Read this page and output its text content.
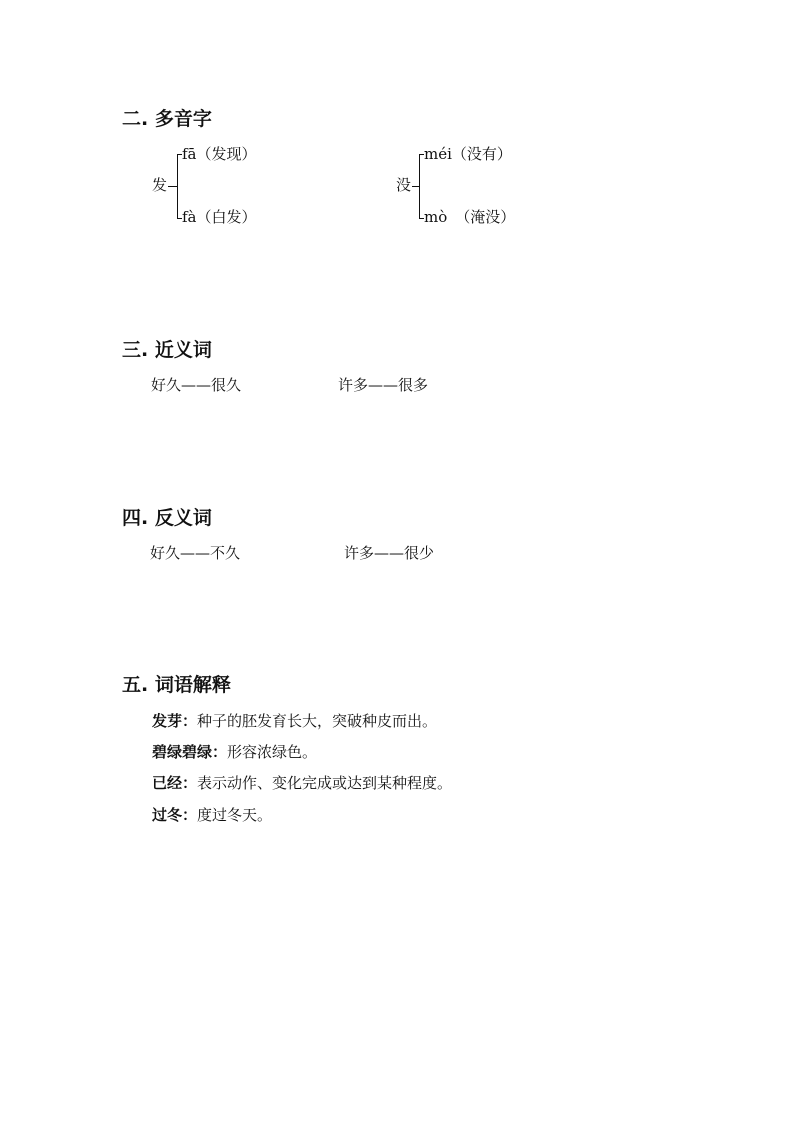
二. 多音字
发
fā（发现）
fà（白发）
没
méi（没有）
mò （淹没）
三. 近义词
好久——很久	许多——很多
四. 反义词
好久——不久	许多——很少
五. 词语解释
发芽：种子的胚发育长大，突破种皮而出。
碧绿碧绿：形容浓绿色。
已经：表示动作、变化完成或达到某种程度。
过冬：度过冬天。
